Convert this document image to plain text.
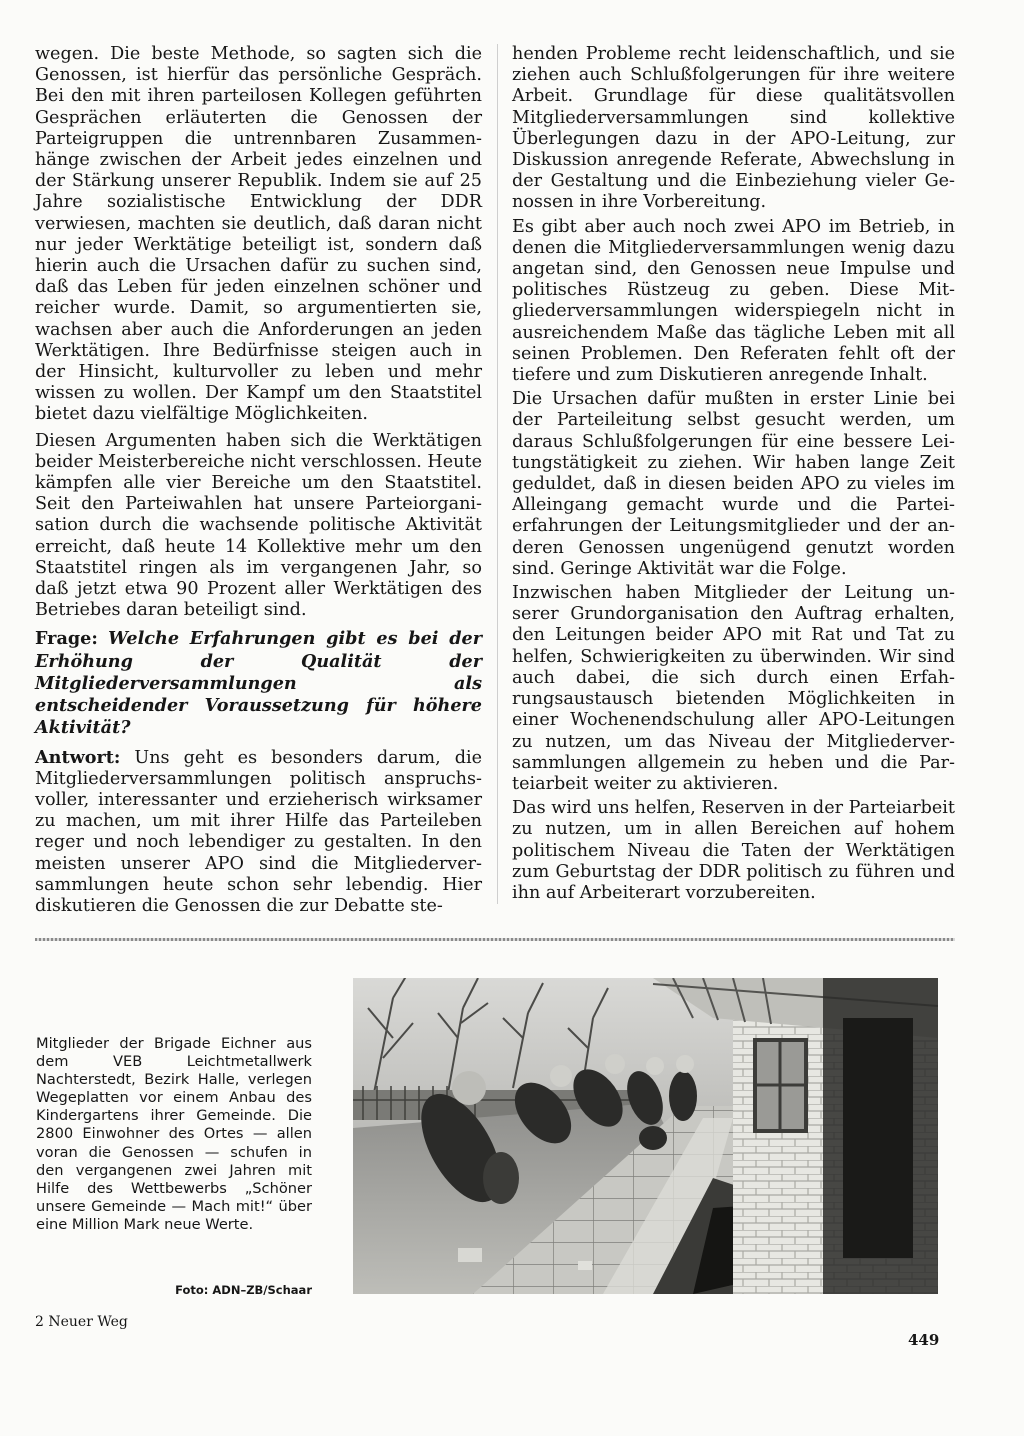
wegen. Die beste Methode, so sagten sich die Genossen, ist hierfür das persönliche Gespräch. Bei den mit ihren parteilosen Kollegen geführten Gesprächen erläuterten die Genossen der Parteigruppen die untrennbaren Zusammenhänge zwischen der Arbeit jedes einzelnen und der Stärkung unserer Republik. Indem sie auf 25 Jahre sozialistische Entwicklung der DDR verwiesen, machten sie deutlich, daß daran nicht nur jeder Werktätige beteiligt ist, sondern daß hierin auch die Ursachen dafür zu suchen sind, daß das Leben für jeden einzelnen schöner und reicher wurde. Damit, so argumentierten sie, wachsen aber auch die Anforderungen an jeden Werktätigen. Ihre Bedürfnisse steigen auch in der Hinsicht, kulturvoller zu leben und mehr wissen zu wollen. Der Kampf um den Staatstitel bietet dazu vielfältige Möglichkeiten.

Diesen Argumenten haben sich die Werktätigen beider Meisterbereiche nicht verschlossen. Heute kämpfen alle vier Bereiche um den Staatstitel. Seit den Parteiwahlen hat unsere Parteiorganisation durch die wachsende politische Aktivität erreicht, daß heute 14 Kollektive mehr um den Staatstitel ringen als im vergangenen Jahr, so daß jetzt etwa 90 Prozent aller Werktätigen des Betriebes daran beteiligt sind.

Frage: Welche Erfahrungen gibt es bei der Erhöhung der Qualität der Mitgliederversammlungen als entscheidender Voraussetzung für höhere Aktivität?

Antwort: Uns geht es besonders darum, die Mitgliederversammlungen politisch anspruchsvoller, interessanter und erzieherisch wirksamer zu machen, um mit ihrer Hilfe das Parteileben reger und noch lebendiger zu gestalten. In den meisten unserer APO sind die Mitgliederversammlungen heute schon sehr lebendig. Hier diskutieren die Genossen die zur Debatte ste-

henden Probleme recht leidenschaftlich, und sie ziehen auch Schlußfolgerungen für ihre weitere Arbeit. Grundlage für diese qualitätsvollen Mitgliederversammlungen sind kollektive Überlegungen dazu in der APO-Leitung, zur Diskussion anregende Referate, Abwechslung in der Gestaltung und die Einbeziehung vieler Genossen in ihre Vorbereitung.

Es gibt aber auch noch zwei APO im Betrieb, in denen die Mitgliederversammlungen wenig dazu angetan sind, den Genossen neue Impulse und politisches Rüstzeug zu geben. Diese Mitgliederversammlungen widerspiegeln nicht in ausreichendem Maße das tägliche Leben mit all seinen Problemen. Den Referaten fehlt oft der tiefere und zum Diskutieren anregende Inhalt.

Die Ursachen dafür mußten in erster Linie bei der Parteileitung selbst gesucht werden, um daraus Schlußfolgerungen für eine bessere Leitungstätigkeit zu ziehen. Wir haben lange Zeit geduldet, daß in diesen beiden APO zu vieles im Alleingang gemacht wurde und die Parteierfahrungen der Leitungsmitglieder und der anderen Genossen ungenügend genutzt worden sind. Geringe Aktivität war die Folge.

Inzwischen haben Mitglieder der Leitung unserer Grundorganisation den Auftrag erhalten, den Leitungen beider APO mit Rat und Tat zu helfen, Schwierigkeiten zu überwinden. Wir sind auch dabei, die sich durch einen Erfahrungsaustausch bietenden Möglichkeiten in einer Wochenendschulung aller APO-Leitungen zu nutzen, um das Niveau der Mitgliederversammlungen allgemein zu heben und die Parteiarbeit weiter zu aktivieren.

Das wird uns helfen, Reserven in der Parteiarbeit zu nutzen, um in allen Bereichen auf hohem politischem Niveau die Taten der Werktätigen zum Geburtstag der DDR politisch zu führen und ihn auf Arbeiterart vorzubereiten.

Mitglieder der Brigade Eichner aus dem VEB Leichtmetallwerk Nachterstedt, Bezirk Halle, verlegen Wegeplatten vor einem Anbau des Kindergartens ihrer Gemeinde. Die 2800 Einwohner des Ortes — allen voran die Genossen — schufen in den vergangenen zwei Jahren mit Hilfe des Wettbewerbs „Schöner unsere Gemeinde — Mach mit!“ über eine Million Mark neue Werte.

Foto: ADN–ZB/Schaar
2 Neuer Weg
449
